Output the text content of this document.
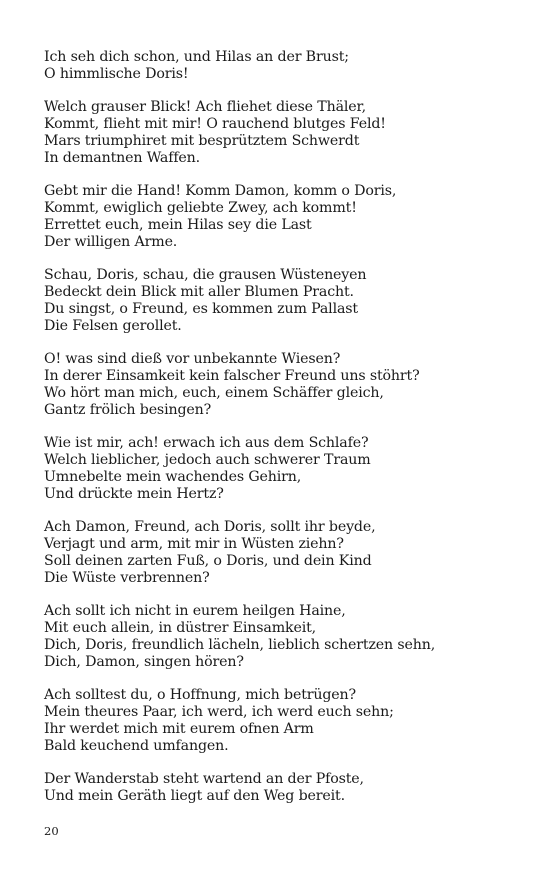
Ich seh dich schon, und Hilas an der Brust;
O himmlische Doris!
Welch grauser Blick! Ach fliehet diese Thäler,
Kommt, flieht mit mir! O rauchend blutges Feld!
Mars triumphiret mit besprütztem Schwerdt
In demantnen Waffen.
Gebt mir die Hand! Komm Damon, komm o Doris,
Kommt, ewiglich geliebte Zwey, ach kommt!
Errettet euch, mein Hilas sey die Last
Der willigen Arme.
Schau, Doris, schau, die grausen Wüsteneyen
Bedeckt dein Blick mit aller Blumen Pracht.
Du singst, o Freund, es kommen zum Pallast
Die Felsen gerollet.
O! was sind dieß vor unbekannte Wiesen?
In derer Einsamkeit kein falscher Freund uns stöhrt?
Wo hört man mich, euch, einem Schäffer gleich,
Gantz frölich besingen?
Wie ist mir, ach! erwach ich aus dem Schlafe?
Welch lieblicher, jedoch auch schwerer Traum
Umnebelte mein wachendes Gehirn,
Und drückte mein Hertz?
Ach Damon, Freund, ach Doris, sollt ihr beyde,
Verjagt und arm, mit mir in Wüsten ziehn?
Soll deinen zarten Fuß, o Doris, und dein Kind
Die Wüste verbrennen?
Ach sollt ich nicht in eurem heilgen Haine,
Mit euch allein, in düstrer Einsamkeit,
Dich, Doris, freundlich lächeln, lieblich schertzen sehn,
Dich, Damon, singen hören?
Ach solltest du, o Hoffnung, mich betrügen?
Mein theures Paar, ich werd, ich werd euch sehn;
Ihr werdet mich mit eurem ofnen Arm
Bald keuchend umfangen.
Der Wanderstab steht wartend an der Pfoste,
Und mein Geräth liegt auf den Weg bereit.
20
